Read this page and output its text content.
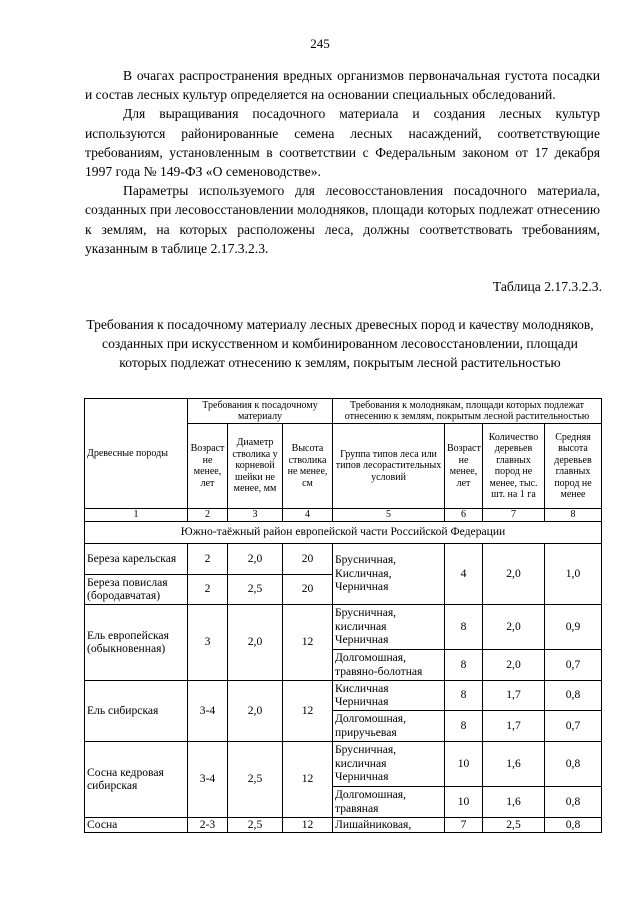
245

В очагах распространения вредных организмов первоначальная густота посадки и состав лесных культур определяется на основании специальных обследований.

Для выращивания посадочного материала и создания лесных культур используются районированные семена лесных насаждений, соответствующие требованиям, установленным в соответствии с Федеральным законом от 17 декабря 1997 года № 149-ФЗ «О семеноводстве».

Параметры используемого для лесовосстановления посадочного материала, созданных при лесовосстановлении молодняков, площади которых подлежат отнесению к землям, на которых расположены леса, должны соответствовать требованиям, указанным в таблице 2.17.3.2.3.

Таблица 2.17.3.2.3.
Требования к посадочному материалу лесных древесных пород и качеству молодняков, созданных при искусственном и комбинированном лесовосстановлении, площади которых подлежат отнесению к землям, покрытым лесной растительностью
Древесные породы	Требования к посадочному материалу			Требования к молоднякам, площади которых подлежат отнесению к землям, покрытым лесной растительностью			
	Возраст не менее, лет	Диаметр стволика у корневой шейки не менее, мм	Высота стволика не менее, см	Группа типов леса или типов лесорастительных условий	Возраст не менее, лет	Количество деревьев главных пород не менее, тыс. шт. на 1 га	Средняя высота деревьев главных пород не менее
1	2	3	4	5	6	7	8
Южно-таёжный район европейской части Российской Федерации							
Береза карельская	2	2,0	20	Брусничная, Кисличная, Черничная	4	2,0	1,0
Береза повислая (бородавчатая)	2	2,5	20				
Ель европейская (обыкновенная)	3	2,0	12	Брусничная, кисличная Черничная	8	2,0	0,9
				Долгомошная, травяно-болотная	8	2,0	0,7
Ель сибирская	3-4	2,0	12	Кисличная Черничная	8	1,7	0,8
				Долгомошная, приручьевая	8	1,7	0,7
Сосна кедровая сибирская	3-4	2,5	12	Брусничная, кисличная Черничная	10	1,6	0,8
				Долгомошная, травяная	10	1,6	0,8
Сосна	2-3	2,5	12	Лишайниковая,	7	2,5	0,8
